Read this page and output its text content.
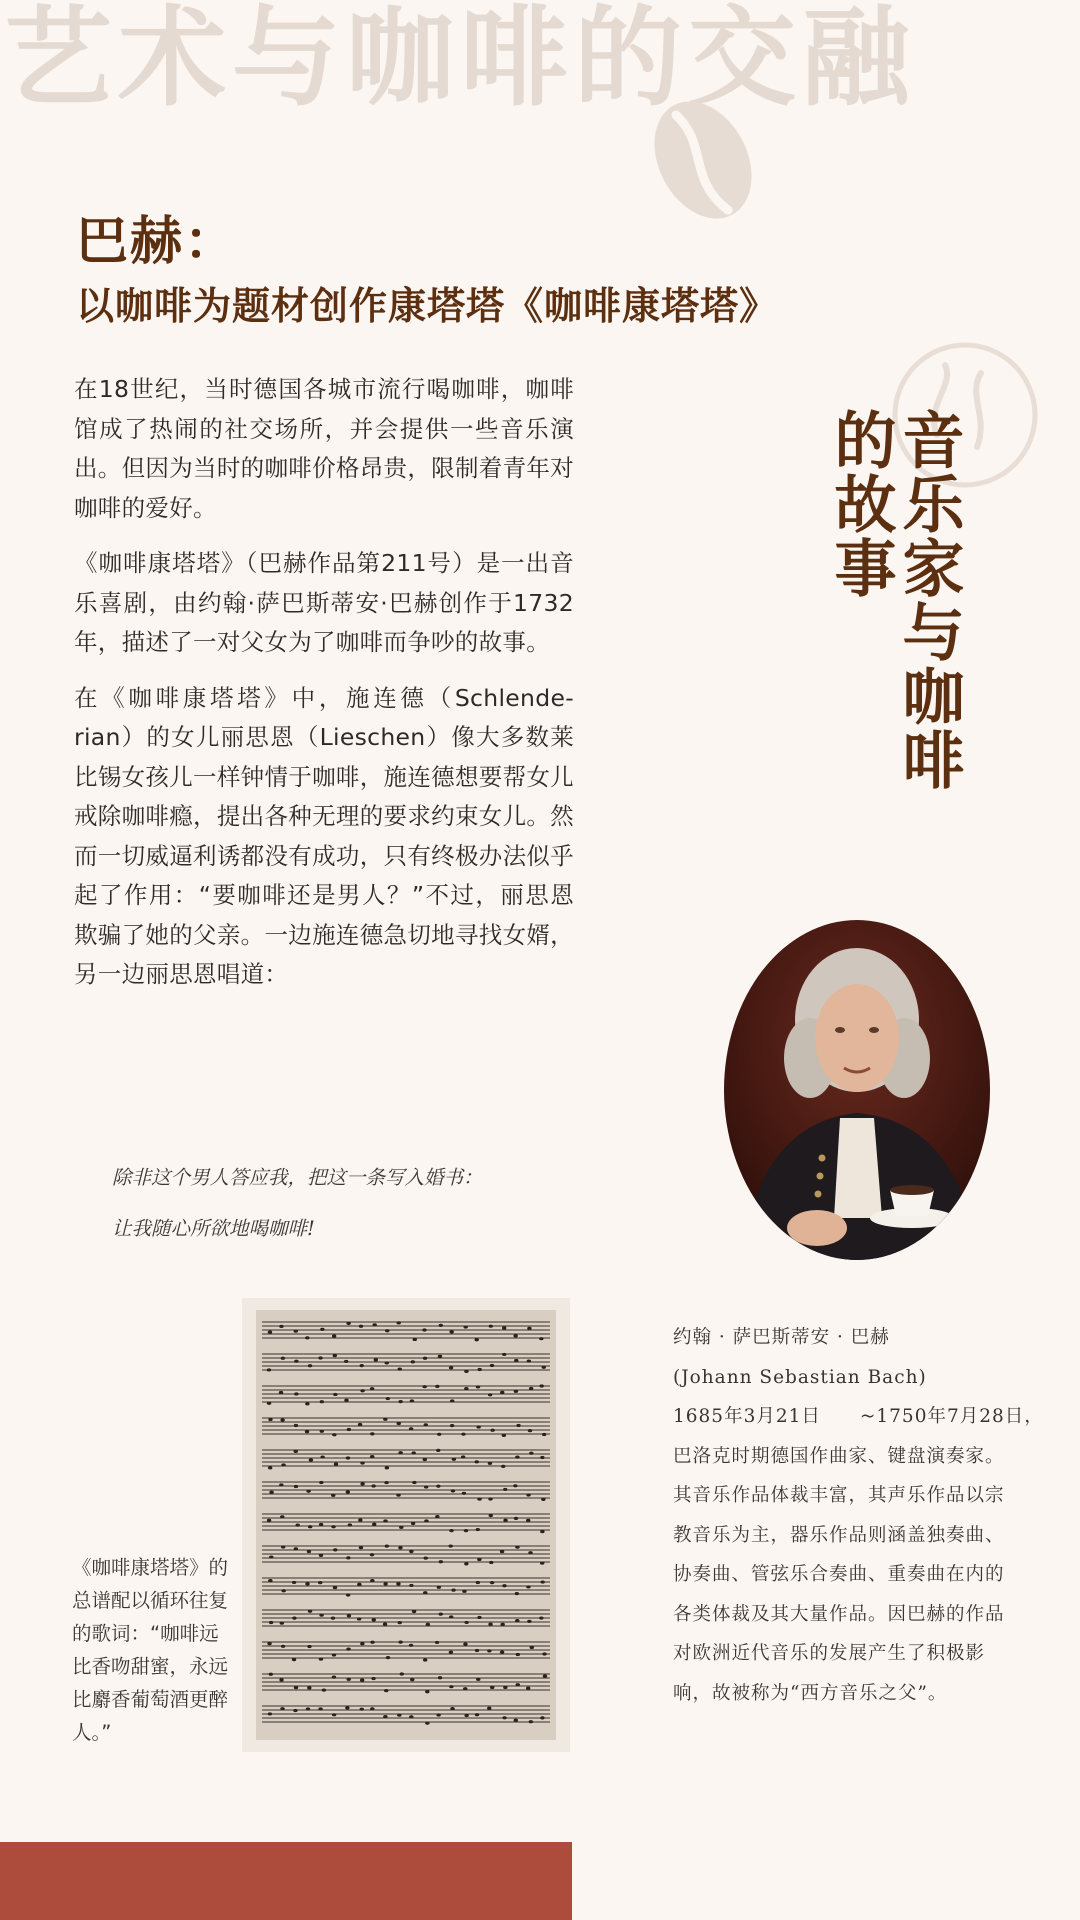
艺术与咖啡的交融
巴赫：
以咖啡为题材创作康塔塔《咖啡康塔塔》
音乐家与咖啡的故事

在18世纪，当时德国各城市流行喝咖啡，咖啡馆成了热闹的社交场所，并会提供一些音乐演出。但因为当时的咖啡价格昂贵，限制着青年对咖啡的爱好。

《咖啡康塔塔》（巴赫作品第211号）是一出音乐喜剧，由约翰·萨巴斯蒂安·巴赫创作于1732年，描述了一对父女为了咖啡而争吵的故事。

在《咖啡康塔塔》中，施连德（Schlende-rian）的女儿丽思恩（Lieschen）像大多数莱比锡女孩儿一样钟情于咖啡，施连德想要帮女儿戒除咖啡瘾，提出各种无理的要求约束女儿。然而一切威逼利诱都没有成功，只有终极办法似乎起了作用：“要咖啡还是男人？”不过，丽思恩欺骗了她的父亲。一边施连德急切地寻找女婿，另一边丽思恩唱道：

除非这个男人答应我，把这一条写入婚书：
让我随心所欲地喝咖啡!
《咖啡康塔塔》的总谱配以循环往复的歌词：“咖啡远比香吻甜蜜，永远比麝香葡萄酒更醉人。”
约翰 · 萨巴斯蒂安 · 巴赫
(Johann Sebastian Bach)
1685年3月21日　　~1750年7月28日，
巴洛克时期德国作曲家、键盘演奏家。其音乐作品体裁丰富，其声乐作品以宗教音乐为主，器乐作品则涵盖独奏曲、协奏曲、管弦乐合奏曲、重奏曲在内的各类体裁及其大量作品。因巴赫的作品对欧洲近代音乐的发展产生了积极影响，故被称为“西方音乐之父”。
